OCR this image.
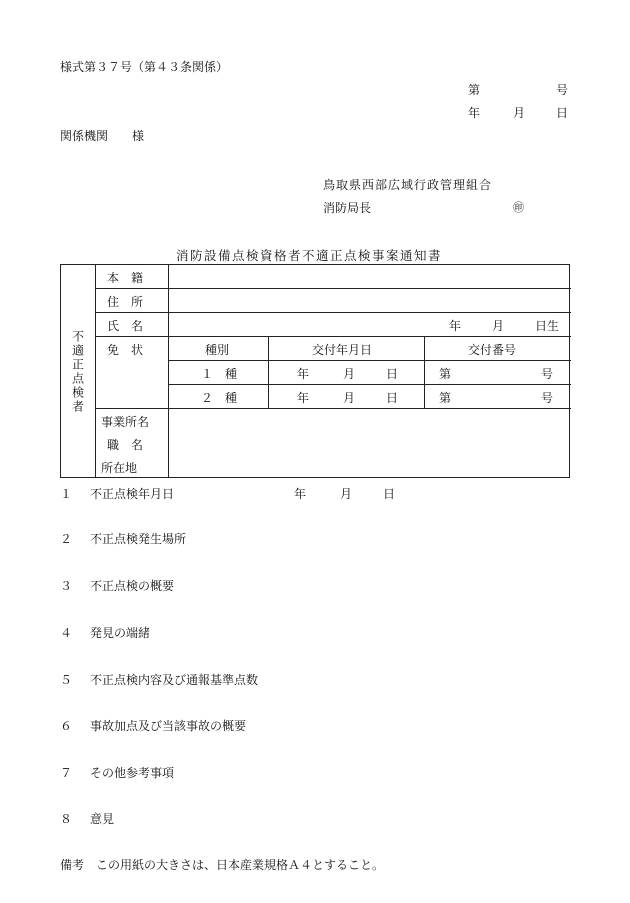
様式第３７号（第４３条関係）
第	号
年	月	日
関係機関　　様
鳥取県西部広域行政管理組合
消防局長	㊞
消防設備点検資格者不適正点検事案通知書
不適正点検者
本　籍
住　所
氏　名	年	月	日生
免　状	種別	交付年月日	交付番号
１　種	年	月	日	第	号
２　種	年	月	日	第	号
事業所名
職　名
所在地
１ 不正点検年月日	年	月	日
２ 不正点検発生場所
３ 不正点検の概要
４ 発見の端緒
５ 不正点検内容及び通報基準点数
６ 事故加点及び当該事故の概要
７ その他参考事項
８ 意見
備考　この用紙の大きさは、日本産業規格Ａ４とすること。
